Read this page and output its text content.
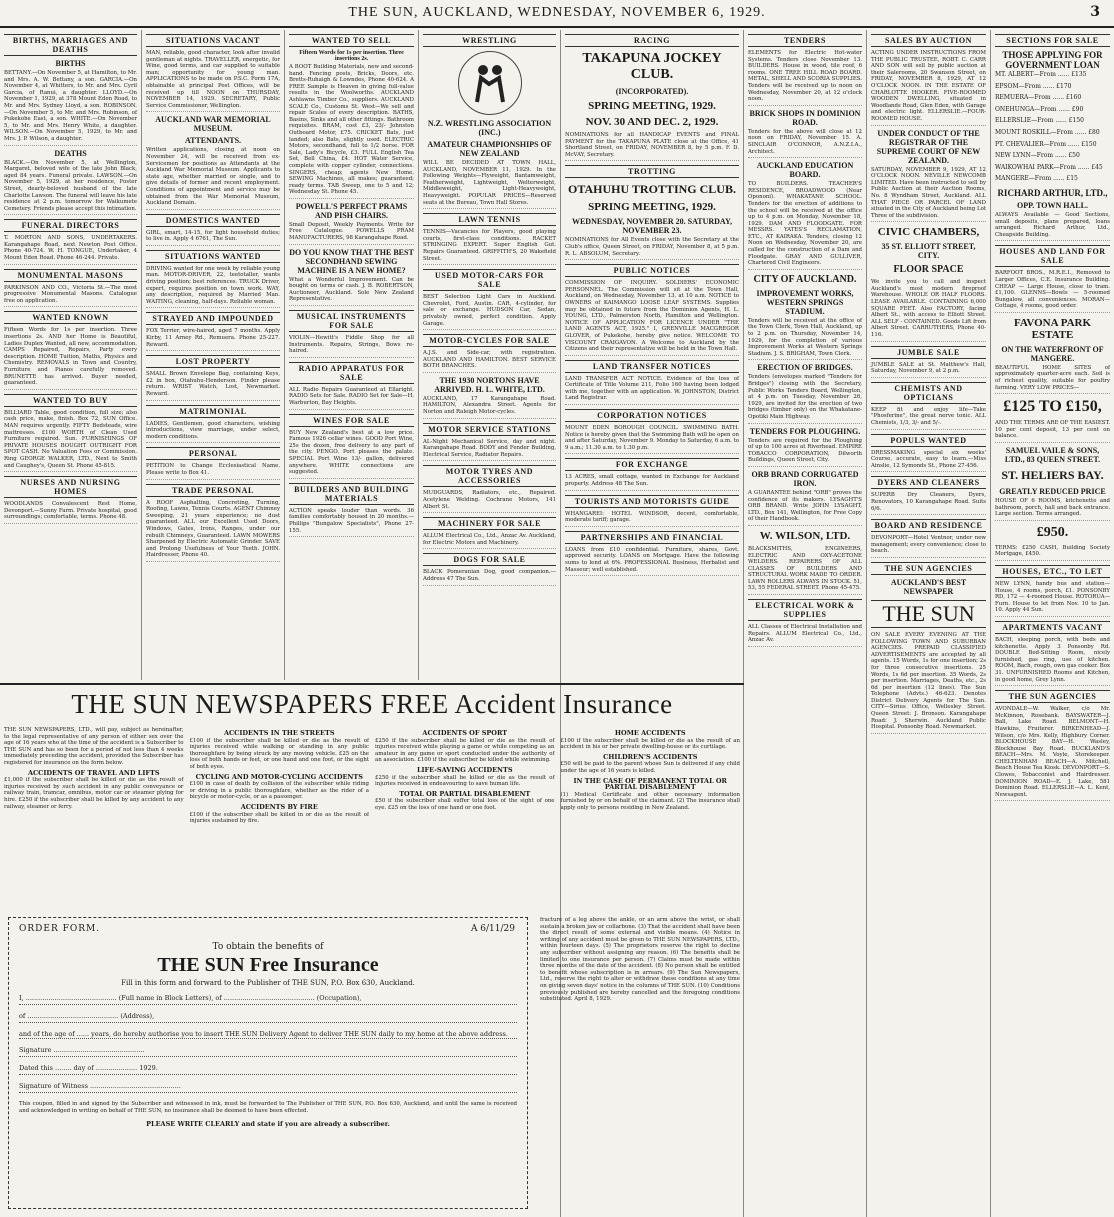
THE SUN, AUCKLAND, WEDNESDAY, NOVEMBER 6, 1929.	3
BIRTHS, MARRIAGES AND DEATHS
BIRTHS
BETTANY.—On November 5, at Hamilton, to Mr. and Mrs. A. W. Bettany, a son. GARCIA.—On November 4, at Whitters, to Mr. and Mrs. Cyril Garcia, of Ranui, a daughter. LLOYD.—On November 1, 1929, at 378 Mount Eden Road, to Mr. and Mrs. Sydney Lloyd, a son. ROBINSON.—On November 5, to Mr. and Mrs. Robinson, of Pukekohe East, a son. WHITE.—On November 5, to Mr. and Mrs. Henry White, a daughter. WILSON.—On November 5, 1929, to Mr. and Mrs. J. P. Wilson, a daughter.
DEATHS
BLACK.—On November 5, at Wellington, Margaret, beloved wife of the late John Black, aged 84 years. Funeral private. LAWSON.—On November 5, 1929, at her residence, Foster Street, dearly-beloved husband of the late Charlotte Lawson. The funeral will leave his late residence at 2 p.m. tomorrow for Waikumete Cemetery. Friends please accept this intimation.
FUNERAL DIRECTORS
T. MORTON AND SONS, UNDERTAKERS. Karangahape Road, next Newton Post Office. Phone 40-724. W. H. TONGUE, Undertaker, 4 Mount Eden Road. Phone 46-244. Private.
MONUMENTAL MASONS
PARKINSON AND CO., Victoria St.—The most progressive Monumental Masons. Catalogue free on application.
WANTED KNOWN
Fifteen Words for 1s per insertion. Three insertions 2s. AND her Home is Beautiful, Ladies Duplex Wanted, all new, accommodation. CAMPS Repaired, Repairs, Party every description. HOME Tuition, Maths, Physics and Chemistry. REMOVALS in Town and Country, Furniture and Pianos carefully removed. BRUNETTE has arrived. Buyer needed, guaranteed.
WANTED TO BUY
BILLIARD Table, good condition, full size; also cash price, make, finish. Box 72, SUN Office. MAN requires urgently. FIFTY Bedsteads, wire mattresses. £100 WORTH of Clean Used Furniture required. Sun. FURNISHINGS OF PRIVATE HOUSES BOUGHT OUTRIGHT FOR SPOT CASH. No Valuation Fees or Commission. Ring GEORGE WALKER, LTD., Next to Smith and Caughey's, Queen St. Phone 45-815.
NURSES AND NURSING HOMES
WOODLANDS Convalescent Rest Home, Devonport.—Sunny Farm. Private hospital, good surroundings; comfortable, terms. Phone 48.
SITUATIONS VACANT
MAN, reliable, good character, look after invalid gentleman at nights. TRAVELLER, energetic, for Wine, good terms, and car supplied to suitable man; opportunity for young man. APPLICATIONS to be made on P.S.C. Form 17A, obtainable at principal Post Offices, will be received up till NOON on THURSDAY, NOVEMBER 14, 1929. SECRETARY, Public Service Commissioner, Wellington.
AUCKLAND WAR MEMORIAL MUSEUM.
ATTENDANTS.
Written applications, closing at noon on November 24, will be received from ex-Servicemen for positions as Attendants at the Auckland War Memorial Museum. Applicants to state age, whether married or single, and to give details of former and recent employment. Conditions of appointment and service may be obtained from the War Memorial Museum, Auckland Domain.
DOMESTICS WANTED
GIRL, smart, 14-15, for light household duties; to live in. Apply 4 6761, The Sun.
SITUATIONS WANTED
DRIVING wanted for one week by reliable young man. MOTOR-DRIVER, 22, teetotaller, wants driving position; best references. TRUCK Driver, expert, requires position on town work. WAY, any description, required by Married Man. WAITING, cleaning, half-days. Reliable woman.
STRAYED AND IMPOUNDED
FOX Terrier, wire-haired, aged 7 months. Apply Kirby, 11 Arney Rd., Remuera. Phone 25-227. Reward.
LOST PROPERTY
SMALL Brown Envelope Bag, containing Keys, £2 in box, Otahuhu-Henderson. Finder please return. WRIST Watch, Lost, Newmarket. Reward.
MATRIMONIAL
LADIES, Gentlemen, good characters, wishing introductions, view marriage, under select, modern conditions.
PERSONAL
PETITION to Change Ecclesiastical Name. Please write to Box 41.
TRADE PERSONAL
A ROOF Asphalting, Concreting, Turning, Roofing, Lawns, Tennis Courts. AGENT Chimney Sweeping, 21 years experience; no dust guaranteed. ALL our Excellent Used Doors, Windows, Gates, Irons, Ranges, under our rebuilt Chimneys, Guaranteed. LAWN MOWERS Sharpened by Electric Automatic Grinder. SAVE and Prolong Usefulness of Your Teeth. JOHN. Hairdresser, Phone 40.
WANTED TO SELL
Fifteen Words for 1s per insertion. Three insertions 2s.
A BOOT Building Materials, new and second-hand. Fencing posts, Bricks, Doors, etc. Bretts-Ruhaigh & Lowndes, Phone 40-624. A FREE Sample is Heaven in giving full-value results in the Woolworths. AUCKLAND Ashlawns Timber Co., suppliers. AUCKLAND SCALE Co., Customs St. West—We sell and repair Scales of every description. BATHS, Basins, Sinks and all other fittings. Bathroom requisites. BRAM, cost £3, 23/- Johnston Outboard Motor, £75. CRICKET Bats, just landed; also Bats, slightly used. ELECTRIC Motors, secondhand, full to 1/2 horse. FOR Sale, Lady's Bicycle, £3. FULL English Tea Set, Bell China, £4. HOT Water Service, complete with copper cylinder, connections. SINGERS, cheap; agents New Home. SEWING Machines, all makes; guaranteed; ready terms. TAB Sweep, one to 5 and 12; Wednesday St. Phone 45.
POWELL'S PERFECT PRAMS AND PISH CHAIRS.
Small Deposit, Weekly Payments. Write for Free Catalogue. POWELLS PRAM MANUFACTURERS, 98 Karangahape Road.
DO YOU KNOW THAT THE BEST SECONDHAND SEWING MACHINE IS A NEW HOME?
What a Wonderful Improvement. Can be bought on terms or cash. J. B. ROBERTSON, Auctioneer, Auckland. Sole New Zealand Representative.
MUSICAL INSTRUMENTS FOR SALE
VIOLIN—Hewitt's Fiddle Shop for all Instruments. Repairs, Strings, Bows re-haired.
RADIO APPARATUS FOR SALE
ALL Radio Repairs Guaranteed at Ellaright. RADIO Sets for Sale. RADIO Set for Sale—H. Warburton, Bay Heights.
WINES FOR SALE
BUY New Zealand's best at a low price. Famous 1926 cellar wines. GOOD Port Wine, 25s the dozen, free delivery to any part of the city. PENGO. Port pleases the palate. SPECIAL Port Wine 13/- gallon, delivered anywhere. WHITE connections are suggested.
BUILDERS AND BUILDING MATERIALS
ACTION speaks louder than words. 36 families comfortably housed in 20 months.—Phillips "Bungalow Specialists", Phone 27-155.
WRESTLING
N.Z. WRESTLING ASSOCIATION (INC.)
AMATEUR CHAMPIONSHIPS OF NEW ZEALAND
WILL BE DECIDED AT TOWN HALL, AUCKLAND, NOVEMBER 11, 1929. In the Following Weights—Flyweight, Bantamweight, Featherweight, Lightweight, Welterweight, Middleweight, Light-Heavyweight, Heavyweight. POPULAR PRICES—Reserved seats at the Bureau, Town Hall Stores.
LAWN TENNIS
TENNIS—Vacancies for Players, good playing courts, first-class conditions. RACKET STRINGING EXPERT. Super English Gut. Repairs Guaranteed. GRIFFITH'S, 20 Wakefield Street.
USED MOTOR-CARS FOR SALE
BEST Selection Light Cars in Auckland. Chevrolet, Ford, Austin. CAR, 4-cylinder, for sale or exchange. HUDSON Car, Sedan, privately owned, perfect condition. Apply Garage.
MOTOR-CYCLES FOR SALE
A.J.S. and Side-car, with registration. AUCKLAND AND HAMILTON. BEST SERVICE BOTH BRANCHES.
THE 1930 NORTONS HAVE ARRIVED. H. L. WHITE, LTD.
AUCKLAND, 17 Karangahape Road. HAMILTON, Alexandra Street. Agents for Norton and Raleigh Motor-cycles.
MOTOR SERVICE STATIONS
AL-Night Mechanical Service, day and night. Karangahape Road. BODY and Fender Building, Electrical Service, Radiator Repairs.
MOTOR TYRES AND ACCESSORIES
MUDGUARDS, Radiators, etc., Repaired. Acetylene Welding. Cochrane Motors, 141 Albert St.
MACHINERY FOR SALE
ALLUM Electrical Co., Ltd., Anzac Av. Auckland, for Electric Motors and Machinery.
DOGS FOR SALE
BLACK Pomeranian Dog, good companion.—Address 47 The Sun.
RACING
TAKAPUNA JOCKEY CLUB.
(INCORPORATED).
SPRING MEETING, 1929.
NOV. 30 AND DEC. 2, 1929.
NOMINATIONS for all HANDICAP EVENTS and FINAL PAYMENT for the TAKAPUNA PLATE close at the Office, 41 Shortland Street, on FRIDAY, NOVEMBER 8, by 5 p.m. F. D. McVAY, Secretary.
TROTTING
OTAHUHU TROTTING CLUB.
SPRING MEETING, 1929.
WEDNESDAY, NOVEMBER 20. SATURDAY, NOVEMBER 23.
NOMINATIONS for All Events close with the Secretary at the Club's office, Queen Street, on FRIDAY, November 8, at 5 p.m. R. L. ABSOLUM, Secretary.
PUBLIC NOTICES
COMMISSION OF INQUIRY. SOLDIERS' ECONOMIC PERSONNEL. The Commission will sit at the Town Hall, Auckland, on Wednesday, November 13, at 10 a.m. NOTICE to OWNERS of KAIMANGO LOOSE LEAF SYSTEMS. Supplies may be obtained in future from the Dominion Agents, H. L. YOUNG, LTD., Palmerston North, Hamilton and Wellington. NOTICE OF APPLICATION FOR LICENCE UNDER "THE LAND AGENTS ACT, 1925." I, GRENVILLE MACGREGOR GLOVER, of Pukekohe, hereby give notice. WELCOME TO VISCOUNT CRAIGAVON. A Welcome to Auckland by the Citizens and their representative will be held in the Town Hall.
LAND TRANSFER NOTICES
LAND TRANSFER ACT NOTICE. Evidence of the loss of Certificate of Title Volume 211, Folio 160 having been lodged with me, together with an application. W. JOHNSTON, District Land Registrar.
CORPORATION NOTICES
MOUNT EDEN BOROUGH COUNCIL. SWIMMING BATH. Notice is hereby given that the Swimming Bath will be open on and after Saturday, November 9. Monday to Saturday, 6 a.m. to 9 a.m.; 11.30 a.m. to 1.30 p.m.
FOR EXCHANGE
13 ACRES, small cottage, wanted in Exchange for Auckland property. Address 48 The Sun.
TOURISTS AND MOTORISTS GUIDE
WHANGAREI: HOTEL WINDSOR, decent, comfortable, moderate tariff; garage.
PARTNERSHIPS AND FINANCIAL
LOANS from £10 confidential. Furniture, shares, Govt. approved security. LOANS on Mortgage. Have the following sums to lend at 6%. PROFESSIONAL Business, Herbalist and Masseur; well established.
TENDERS
ELEMENTS for Electric Hot-water Systems. Tenders close November 13. BUILDERS. House in wood, tile roof, 6 rooms. ONE TREE HILL ROAD BOARD. METAL, SHELL AND SCORIA SUPPLIES. Tenders will be received up to noon on Wednesday, November 20, at 12 o'clock noon.
BRICK SHOPS IN DOMINION ROAD.
Tenders for the above will close at 12 noon on FRIDAY, November 15. A. SINCLAIR O'CONNOR, A.N.Z.I.A., Architect.
AUCKLAND EDUCATION BOARD.
TO BUILDERS. TEACHER'S RESIDENCE, BROADWOOD (Near Opononi). WHAKATANE SCHOOL. Tenders for the erection of additions to the school will be received at the office up to 4 p.m. on Monday, November 18, 1929. DAM AND FLOODGATE. FOR MESSRS. YATES'S RECLAMATION, ETC., AT KAIRAKA. Tenders, closing 12 Noon on Wednesday, November 20, are called for the construction of a Dam and Floodgate. GRAY AND GULLIVER, Chartered Civil Engineers.
CITY OF AUCKLAND.
IMPROVEMENT WORKS, WESTERN SPRINGS STADIUM.
Tenders will be received at the office of the Town Clerk, Town Hall, Auckland, up to 2 p.m. on Thursday, November 14, 1929, for the completion of various Improvement Works at Western Springs Stadium. J. S. BRIGHAM, Town Clerk.
ERECTION OF BRIDGES.
Tenders (envelopes marked "Tenders for Bridges") closing with the Secretary, Public Works Tenders Board, Wellington, at 4 p.m. on Tuesday, November 26, 1929, are invited for the erection of two bridges (timber only) on the Whakatane-Opotiki Main Highway.
TENDERS FOR PLOUGHING.
Tenders are required for the Ploughing of up to 100 acres at Riverhead. EMPIRE TOBACCO CORPORATION, Dilworth Buildings, Queen Street, City.
ORB BRAND CORRUGATED IRON.
A GUARANTEE behind "ORB" proves the confidence of its makers. LYSAGHT'S ORB BRAND. Write JOHN LYSAGHT, LTD., Box 141, Wellington, for Free Copy of their Handbook.
W. WILSON, LTD.
BLACKSMITHS, ENGINEERS, ELECTRIC AND OXY-ACETONE WELDERS. REPAIRERS OF ALL CLASSES OF BUILDERS AND STRUCTURAL WORK MADE TO ORDER. LAWN ROLLERS ALWAYS IN STOCK. 51, 53, 55 FEDERAL STREET. Phone 45-475.
ELECTRICAL WORK & SUPPLIES
ALL Classes of Electrical Installation and Repairs. ALLUM Electrical Co., Ltd., Anzac Av.
SALES BY AUCTION
ACTING UNDER INSTRUCTIONS FROM THE PUBLIC TRUSTEE, ROBT. C. CARR AND SON will sell by public auction at their Salerooms, 20 Swanson Street, on FRIDAY, NOVEMBER 8, 1929, AT 12 O'CLOCK NOON. IN THE ESTATE OF CHARLOTTE HOOKER. FIVE-ROOMED WOODEN DWELLING, situated in Woodlands Road, Glen Eden, with Garage and electric light. ELLERSLIE.—FOUR-ROOMED HOUSE.
UNDER CONDUCT OF THE REGISTRAR OF THE SUPREME COURT OF NEW ZEALAND.
SATURDAY, NOVEMBER 9, 1929, AT 12 O'CLOCK NOON. NEVILLE NEWCOMB LIMITED. Have been instructed to sell by Public Auction at their Auction Rooms, No. 8 Wyndham Street, Auckland. ALL THAT PIECE OR PARCEL OF LAND situated in the City of Auckland being Lot Three of the subdivision.
CIVIC CHAMBERS,
35 ST. ELLIOTT STREET, CITY.
FLOOR SPACE
We invite you to call and inspect Auckland's most modern fireproof Warehouse. WHOLE OR HALF FLOORS. LEASE AVAILABLE. CONTAINING 6,000 SQUARE FEET. Also FACTORY, facing Albert St., with access to Elliott Street. ALL SELF - CONTAINED. Goods Lift from Albert Street. CARRUTHERS, Phone 40-116.
JUMBLE SALE
JUMBLE SALE at St. Matthew's Hall, Saturday, November 9, at 2 p.m.
CHEMISTS AND OPTICIANS
KEEP fit and enjoy life—Take "Phosferine", the great nerve tonic. ALL Chemists, 1/3, 3/- and 5/-.
POPULS WANTED
DRESSMAKING special six weeks' Course, accurate, easy to learn.—Miss Ainslie, 12 Symonds St., Phone 27-456.
DYERS AND CLEANERS
SUPERB Dry Cleaners, Dyers, Renovators, 10 Karangahape Road. Suits 6/6.
BOARD AND RESIDENCE
DEVONPORT—Hotel Ventnor, under new management; every convenience; close to beach.
THE SUN AGENCIES
AUCKLAND'S BEST NEWSPAPER
THE SUN
ON SALE EVERY EVENING AT THE FOLLOWING TOWN AND SUBURBAN AGENCIES. PREPAID CLASSIFIED ADVERTISEMENTS are accepted by all agents. 15 Words, 1s for one insertion; 2s for three consecutive insertions. 25 Words, 1s 6d per insertion. 35 Words, 2s per insertion. Marriages, Deaths, etc., 2s 6d per insertion (12 lines). The Sun Telephone (Advts.) 46-623. Denotes District Delivery Agents for The Sun. CITY—Sirius Office, Wellesley Street. Queen Street: J. Bronson. Karangahape Road: J. Sherwin. Auckland Public Hospital. Ponsonby Road. Newmarket.
SECTIONS FOR SALE
THOSE APPLYING FOR GOVERNMENT LOAN
MT. ALBERT—From ...... £135
EPSOM—From ...... £170
REMUERA—From ...... £160
ONEHUNGA—From ...... £90
ELLERSLIE—From ...... £150
MOUNT ROSKILL—From ...... £80
PT. CHEVALIER—From ...... £150
NEW LYNN—From ...... £50
WAIKOWHAI PARK—From ...... £45
MANGERE—From ...... £15
RICHARD ARTHUR, LTD.,
OPP. TOWN HALL.
ALWAYS Available — Good Sections, small deposits, plans prepared, loans arranged. Richard Arthur, Ltd., Cheapside Building.
HOUSES AND LAND FOR SALE
BARFOOT BROS., M.R.E.I., Removed to Larger Offices, C.E. Insurance Building. CHEAP — Large House, close to tram. £1,100. GLENNS—Bowls — 5-roomed Bungalow, all conveniences. MORAN—Cottage, 4 rooms, good order.
FAVONA PARK ESTATE
ON THE WATERFRONT OF MANGERE.
BEAUTIFUL HOME SITES of approximately quarter-acre each. Soil is of richest quality, suitable for poultry farming. VERY LOW PRICES—
£125 TO £150,
AND THE TERMS ARE OF THE EASIEST. 10 per cent deposit, 13 per cent on balance.
SAMUEL VAILE & SONS, LTD., 83 QUEEN STREET.
ST. HELIERS BAY.
GREATLY REDUCED PRICE
HOUSE OF 6 ROOMS, kitchenette and bathroom, porch, hall and back entrance. Large section. Terms arranged.
£950.
TERMS: £250 CASH, Building Society Mortgage, £450.
HOUSES, ETC., TO LET
NEW LYNN, handy bus and station—House, 4 rooms, porch, £1. PONSONBY RD, 172 — 4-roomed House. ROTORUA—Furn. House to let from Nov. 10 to Jan. 10. Apply 44 Sun.
APARTMENTS VACANT
BACH, sleeping porch, with beds and kitchenette. Apply 3 Ponsonby Rd. DOUBLE Bed-Sitting Room, nicely furnished, gas ring, use of kitchen. ROOM, Bach, rough, own gas cooker. Box 31. UNFURNISHED Rooms and Kitchen, in good home, Grey Lynn.
THE SUN AGENCIES
AVONDALE—W. Walker, c/o Mr. McKinnon, Rosebank. BAYSWATER—J. Ball, Lake Road. BELMONT—H. Hawkins, Fruiterer. BIRKENHEAD—J. Wilson, c/o Mrs. Kelly, Highbury Corner. BLOCKHOUSE BAY—H. Wasley, Blockhouse Bay Road. BUCKLAND'S BEACH—Mrs. M. Voyle, Storekeeper. CHELTENHAM BEACH—A. Mitchell, Beach House Tea Kiosk. DEVONPORT—S. Clowes, Tobacconist and Hairdresser. DOMINION ROAD—E. J. Lake, 581 Dominion Road. ELLERSLIE—A. L. Kent, Newsagent.
THE SUN NEWSPAPERS FREE Accident Insurance
THE SUN NEWSPAPERS, LTD., will pay, subject as hereinafter, to the legal representative of any person of either sex over the age of 16 years who at the time of the accident is a Subscriber to THE SUN and has so been for a period of not less than 4 weeks immediately preceding the accident, provided the Subscriber has registered for insurance on the form below.
ACCIDENTS OF TRAVEL AND LIFTS
£1,000 if the subscriber shall be killed or die as the result of injuries received by such accident in any public conveyance or railway train, tramcar, omnibus, motor car or steamer plying for hire. £250 if the subscriber shall be killed by any accident to any railway, steamer or ferry.
ACCIDENTS IN THE STREETS
£100 if the subscriber shall be killed or die as the result of injuries received while walking or standing in any public thoroughfare by being struck by any moving vehicle. £25 on the loss of both hands or feet, or one hand and one foot, or the sight of both eyes.
CYCLING AND MOTOR-CYCLING ACCIDENTS
£100 in case of death by collision of the subscriber while riding or driving in a public thoroughfare, whether as the rider of a bicycle or motor-cycle, or as a passenger.
ACCIDENTS BY FIRE
£100 if the subscriber shall be killed in or die as the result of injuries sustained by fire.
ACCIDENTS OF SPORT
£250 if the subscriber shall be killed or die as the result of injuries received while playing a game or while competing as an amateur in any game or sport conducted under the authority of an association. £100 if the subscriber be killed while swimming.
LIFE-SAVING ACCIDENTS
£250 if the subscriber shall be killed or die as the result of injuries received in endeavouring to save human life.
TOTAL OR PARTIAL DISABLEMENT
£50 if the subscriber shall suffer total loss of the sight of one eye. £25 on the loss of one hand or one foot.
HOME ACCIDENTS
£100 if the subscriber shall be killed or die as the result of an accident in his or her private dwelling-house or its curtilage.
CHILDREN'S ACCIDENTS
£50 will be paid to the parent whose Sun is delivered if any child under the age of 16 years is killed.
IN THE CASE OF PERMANENT TOTAL OR PARTIAL DISABLEMENT
(1) Medical Certificate and other necessary information furnished by or on behalf of the claimant. (2) The insurance shall apply only to persons residing in New Zealand.
ORDER FORM.	A 6/11/29
To obtain the benefits of
THE SUN Free Insurance
Fill in this form and forward to the Publisher of THE SUN, P.O. Box 630, Auckland.
I, ............................................ (Full name in Block Letters), of ............................................ (Occupation),
of ............................................ (Address),
and of the age of ...... years, do hereby authorise you to insert THE SUN Delivery Agent to deliver THE SUN daily to my home at the above address.
Signature ............................................
Dated this ........ day of .................... 1929.
Signature of Witness ............................................
This coupon, filled in and signed by the Subscriber and witnessed in ink, must be forwarded to The Publisher of THE SUN, P.O. Box 630, Auckland, and until the same is received and acknowledged in writing on behalf of THE SUN, no insurance shall be deemed to have been effected.
PLEASE WRITE CLEARLY and state if you are already a subscriber.
fracture of a leg above the ankle, or an arm above the wrist, or shall sustain a broken jaw or collarbone. (3) That the accident shall have been the direct result of some external and visible means. (4) Notice in writing of any accident must be given to THE SUN NEWSPAPERS, LTD., within fourteen days. (5) The proprietors reserve the right to decline any subscriber without assigning any reason. (6) The benefits shall be limited to one insurance per person. (7) Claims must be made within three months of the date of the accident. (8) No person shall be entitled to benefit whose subscription is in arrears. (9) The Sun Newspapers, Ltd., reserve the right to alter or withdraw these conditions at any time on giving seven days' notice in the columns of THE SUN. (10) Conditions previously published are hereby cancelled and the foregoing conditions substituted. April 8, 1929.
